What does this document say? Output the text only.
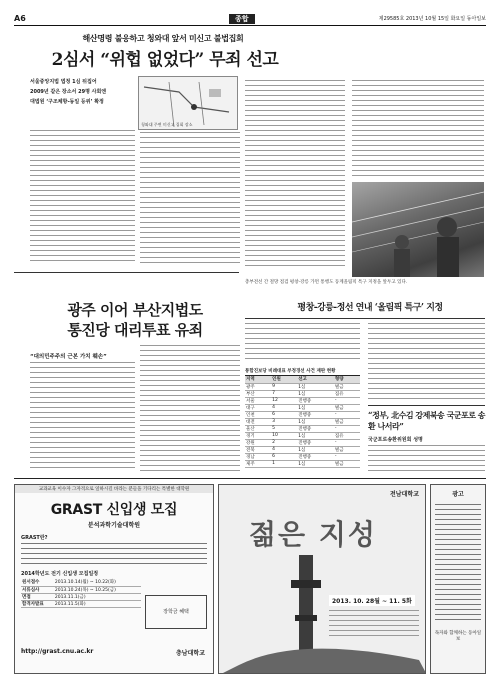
A6	종합	제29585호 2013년 10월 15일 화요일 동아일보
해산명령 불응하고 청와대 앞서 미신고 불법집회
2심서 “위헙 없었다” 무죄 선고
서울중앙지법 법정 1심 뒤집어
2009년 같은 장소서 29명 사회엔
대법원 ‘구조체항-동일 등위’ 확정
청와대 주변 미신고 집회 장소
총부전선 간 철망 점검 평창-강릉 가면 통행도 동계올림픽 특구 지정을 앞두고 있다.
평창-강릉-정선 연내 ‘올림픽 특구’ 지정
광주 이어 부산지법도
통진당 대리투표 유죄
“대의민주주의 근본 가치 훼손”
통합진보당 비례대표 부정경선 사건 재판 현황
지역	인원	선고	형량
광주	9	1심	벌금
부산	7	1심	집유
서울	12	진행중	-
대구	4	1심	벌금
인천	6	진행중	-
대전	3	1심	벌금
울산	5	진행중	-
경기	10	1심	집유
강원	2	진행중	-
전북	4	1심	벌금
경남	6	진행중	-
제주	1	1심	벌금
“정부, 北수김 강제북송 국군포로 송환 나서라”
국군포로송환위원회 성명
교과교육 이수자 그자격으로 일하시길 바라는 분들을 기다리는 특별한 대학원
GRAST 신입생 모집
분석과학기술대학원
GRAST란?
2014학년도 전기 신입생 모집일정
원서접수	2013.10.14(월) ~ 10.22(화)
서류심사	2013.10.24(목) ~ 10.25(금)
면접	2013.11.1(금)
합격자발표	2013.11.5(화)
장학금 혜택
http://grast.cnu.ac.kr	충남대학교
전남대학교
젊은 지성
2013. 10. 28월 ~ 11. 5화
광고
독자와 함께하는 동아일보
